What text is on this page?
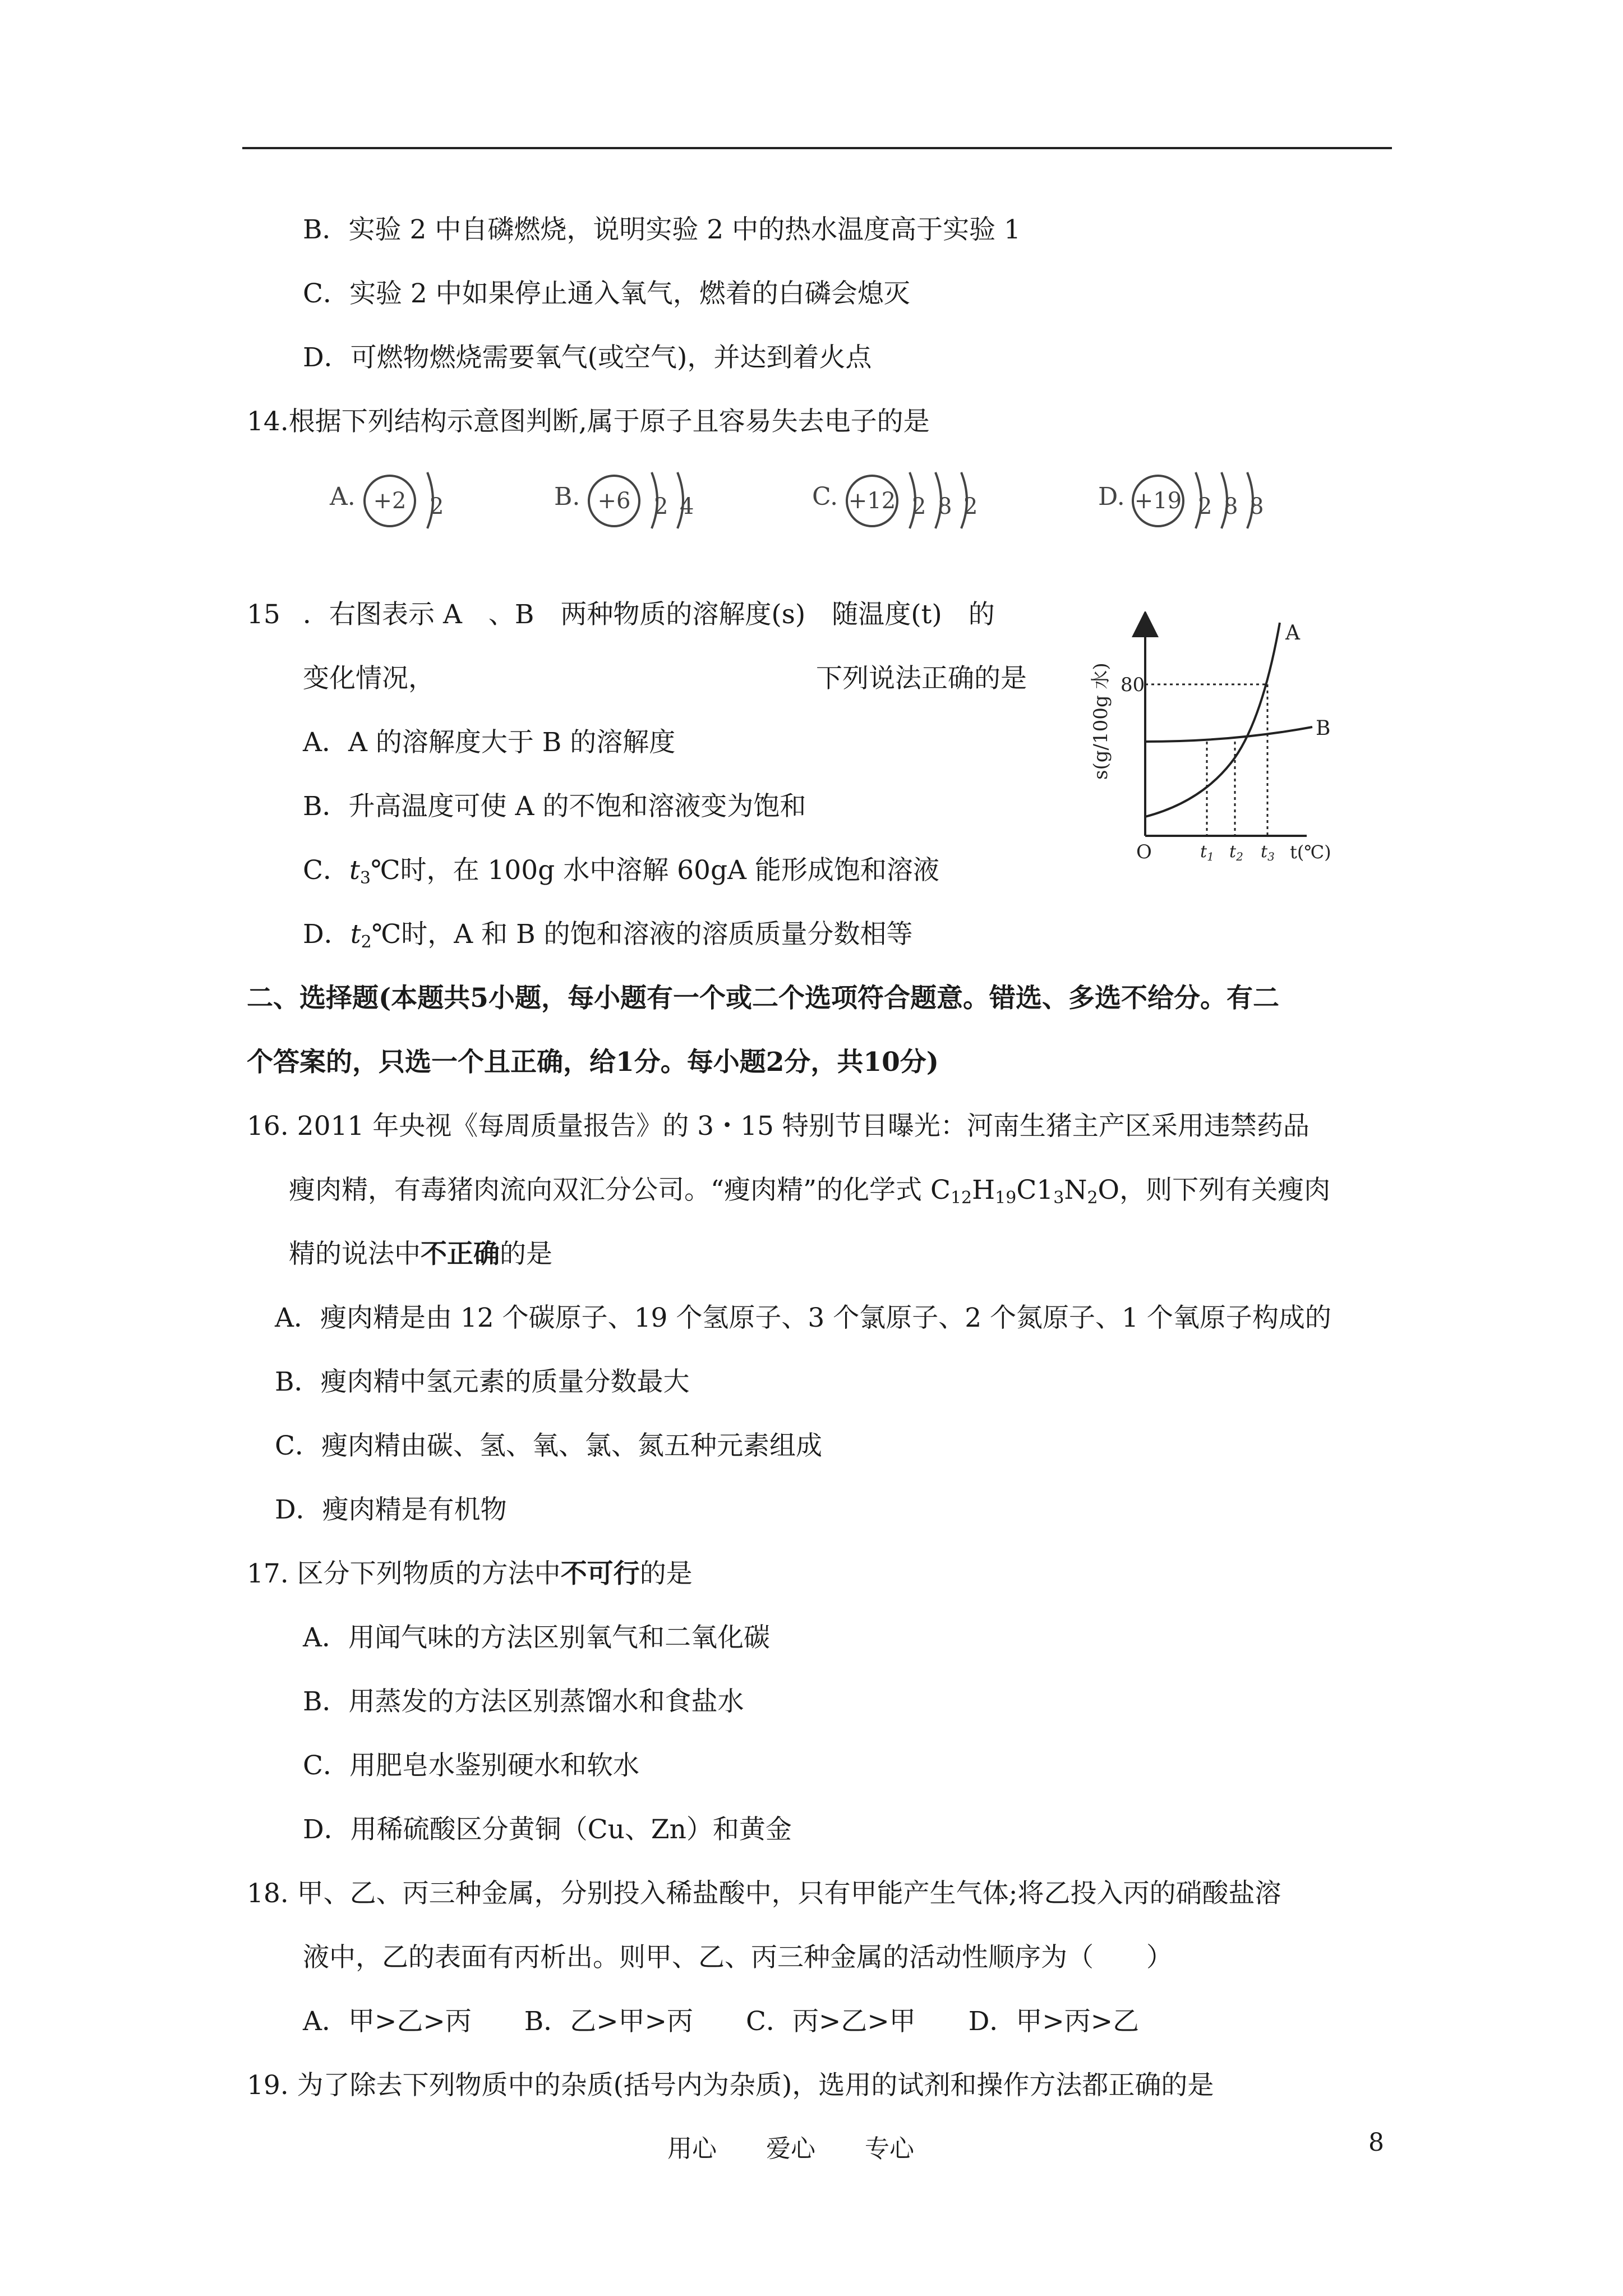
B．实验 2 中自磷燃烧，说明实验 2 中的热水温度高于实验 1
C．实验 2 中如果停止通入氧气，燃着的白磷会熄灭
D．可燃物燃烧需要氧气(或空气)，并达到着火点
14.根据下列结构示意图判断,属于原子且容易失去电子的是
A. +2	2	B. +6	2 4	C. +12 2 8 2	D. +19 2 8 8
15 ．右图表示 A　、B　两种物质的溶解度(s)　随温度(t)　的
变化情况，	下列说法正确的是
A．A 的溶解度大于 B 的溶解度
B．升高温度可使 A 的不饱和溶液变为饱和
C．$t_3℃$时，在 100g 水中溶解 60gA 能形成饱和溶液
D．$t_2℃$时，A 和 B 的饱和溶液的溶质质量分数相等
s(g/100g 水) 80
A
B
O	$t_1$ $t_2$ $t_3$ t(℃)
二、选择题(本题共5小题，每小题有一个或二个选项符合题意。错选、多选不给分。有二
个答案的，只选一个且正确，给1分。每小题2分，共10分)
16. 2011 年央视《每周质量报告》的 3・15 特别节目曝光：河南生猪主产区采用违禁药品
瘦肉精，有毒猪肉流向双汇分公司。“瘦肉精”的化学式 $C_{12}H_{19}C1_3N_2O$，则下列有关瘦肉
精的说法中不正确的是
A．瘦肉精是由 12 个碳原子、19 个氢原子、3 个氯原子、2 个氮原子、1 个氧原子构成的
B．瘦肉精中氢元素的质量分数最大
C．瘦肉精由碳、氢、氧、氯、氮五种元素组成
D．瘦肉精是有机物
17. 区分下列物质的方法中不可行的是
A．用闻气味的方法区别氧气和二氧化碳
B．用蒸发的方法区别蒸馏水和食盐水
C．用肥皂水鉴别硬水和软水
D．用稀硫酸区分黄铜（Cu、Zn）和黄金
18. 甲、乙、丙三种金属，分别投入稀盐酸中，只有甲能产生气体;将乙投入丙的硝酸盐溶
液中，乙的表面有丙析出。则甲、乙、丙三种金属的活动性顺序为（　　）
A．甲>乙>丙　　B．乙>甲>丙　　C．丙>乙>甲　　D．甲>丙>乙
19. 为了除去下列物质中的杂质(括号内为杂质)，选用的试剂和操作方法都正确的是
用心　　爱心　　专心	8
